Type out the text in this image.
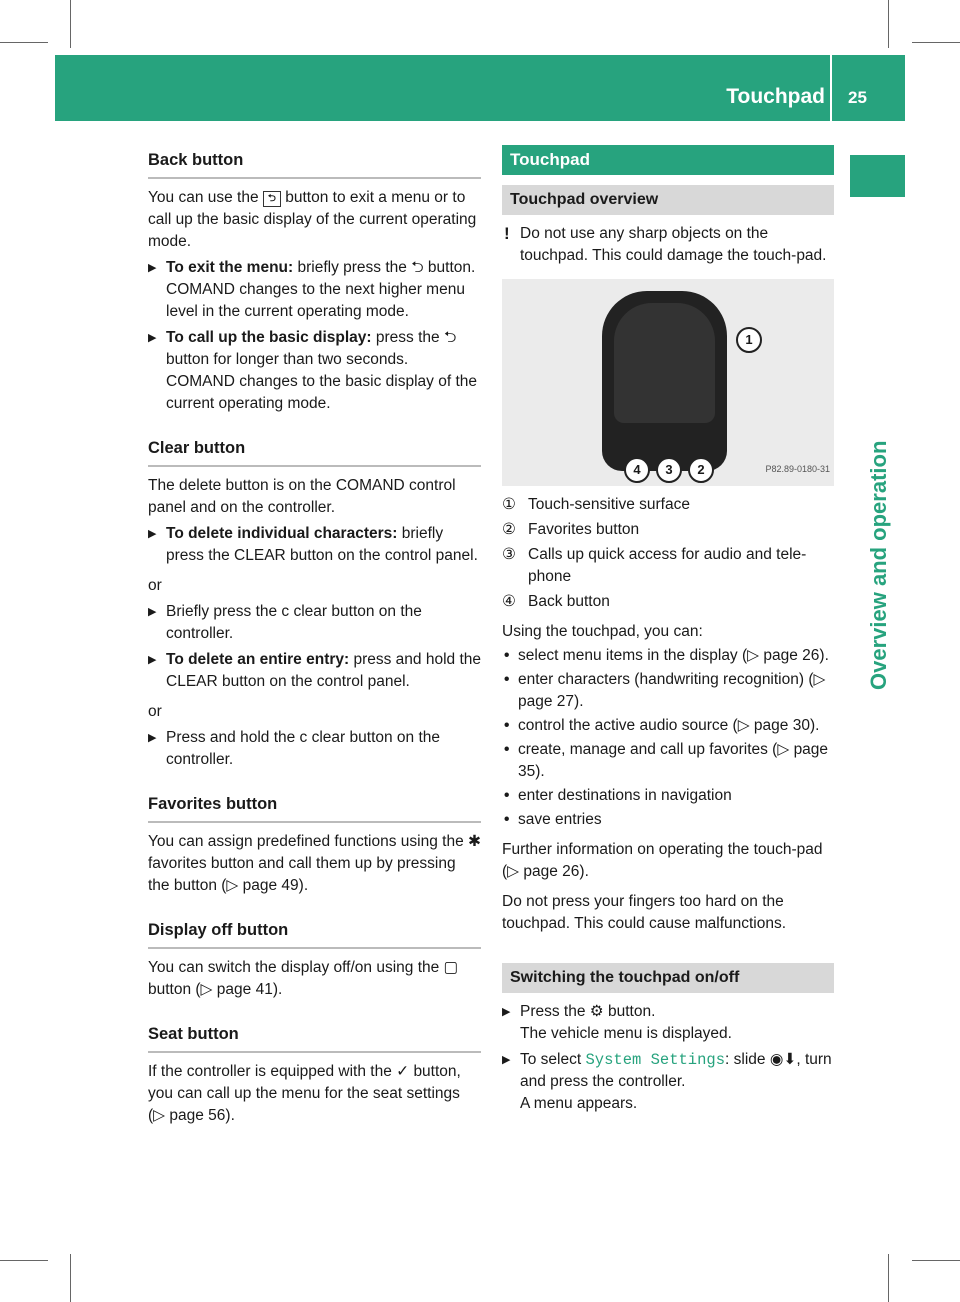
Touchpad 25
Overview and operation
Back button

You can use the ⮌ button to exit a menu or to call up the basic display of the current operating mode.

▶ To exit the menu: briefly press the ⮌ button.
COMAND changes to the next higher menu level in the current operating mode.
▶ To call up the basic display: press the ⮌ button for longer than two seconds.
COMAND changes to the basic display of the current operating mode.
Clear button

The delete button is on the COMAND control panel and on the controller.

▶ To delete individual characters: briefly press the CLEAR button on the control panel.

or

▶ Briefly press the c clear button on the controller.
▶ To delete an entire entry: press and hold the CLEAR button on the control panel.

or

▶ Press and hold the c clear button on the controller.
Favorites button

You can assign predefined functions using the ✱ favorites button and call them up by pressing the button (▷ page 49).

Display off button

You can switch the display off/on using the ▢ button (▷ page 41).

Seat button

If the controller is equipped with the ✓ button, you can call up the menu for the seat settings (▷ page 56).

Touchpad
Touchpad overview
! Do not use any sharp objects on the touchpad. This could damage the touch-pad.
1
4	3	2	P82.89-0180-31
① Touch-sensitive surface
② Favorites button
③ Calls up quick access for audio and tele-phone
④ Back button

Using the touchpad, you can:

• select menu items in the display (▷ page 26).
• enter characters (handwriting recognition) (▷ page 27).
• control the active audio source (▷ page 30).
• create, manage and call up favorites (▷ page 35).
• enter destinations in navigation
• save entries

Further information on operating the touch-pad (▷ page 26).

Do not press your fingers too hard on the touchpad. This could cause malfunctions.

Switching the touchpad on/off
▶ Press the ⚙ button.
The vehicle menu is displayed.
▶ To select System Settings: slide ◉⬇, turn and press the controller.
A menu appears.
